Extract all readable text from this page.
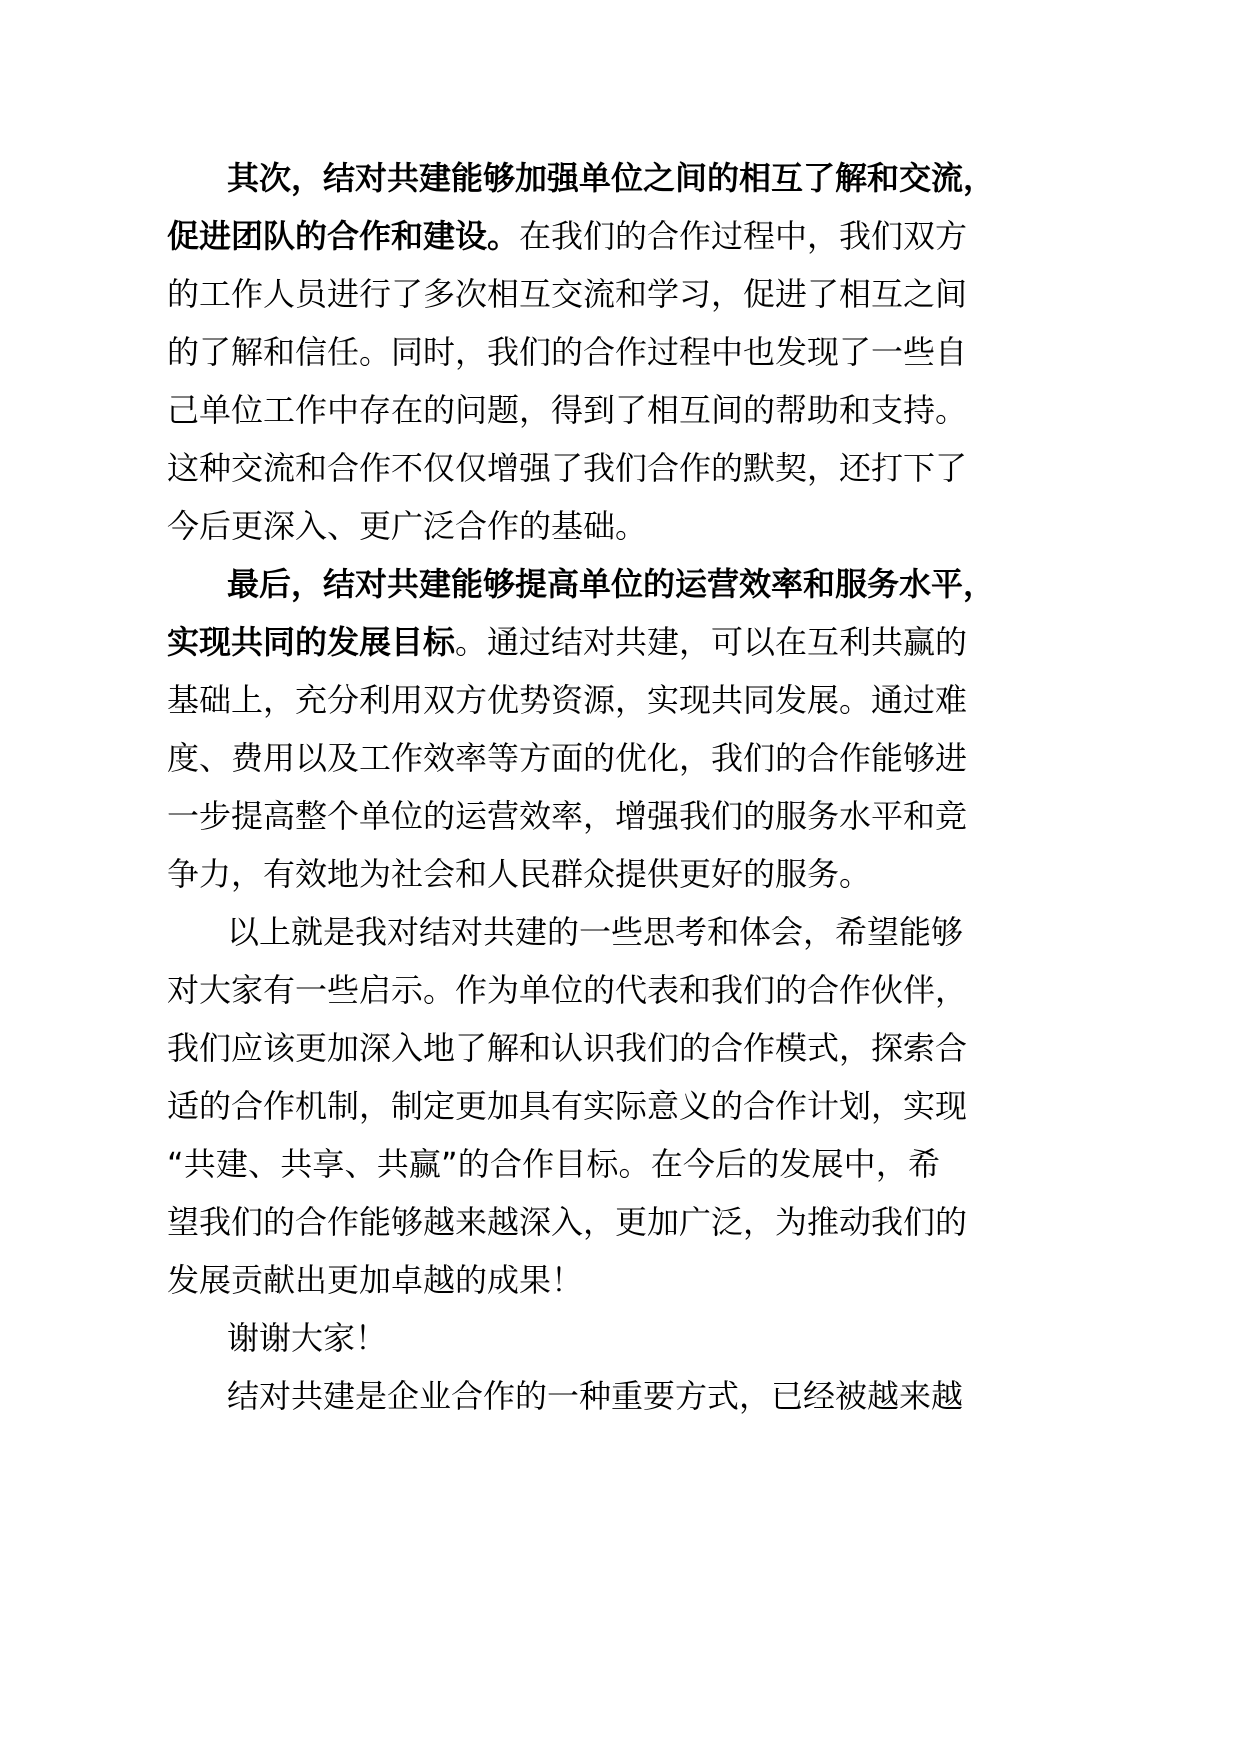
其次，结对共建能够加强单位之间的相互了解和交流，
促进团队的合作和建设。在我们的合作过程中，我们双方
的工作人员进行了多次相互交流和学习，促进了相互之间
的了解和信任。同时，我们的合作过程中也发现了一些自
己单位工作中存在的问题，得到了相互间的帮助和支持。
这种交流和合作不仅仅增强了我们合作的默契，还打下了
今后更深入、更广泛合作的基础。
最后，结对共建能够提高单位的运营效率和服务水平，
实现共同的发展目标。通过结对共建，可以在互利共赢的
基础上，充分利用双方优势资源，实现共同发展。通过难
度、费用以及工作效率等方面的优化，我们的合作能够进
一步提高整个单位的运营效率，增强我们的服务水平和竞
争力，有效地为社会和人民群众提供更好的服务。
以上就是我对结对共建的一些思考和体会，希望能够
对大家有一些启示。作为单位的代表和我们的合作伙伴，
我们应该更加深入地了解和认识我们的合作模式，探索合
适的合作机制，制定更加具有实际意义的合作计划，实现
“共建、共享、共赢”的合作目标。在今后的发展中，希
望我们的合作能够越来越深入，更加广泛，为推动我们的
发展贡献出更加卓越的成果！
谢谢大家！
结对共建是企业合作的一种重要方式，已经被越来越
